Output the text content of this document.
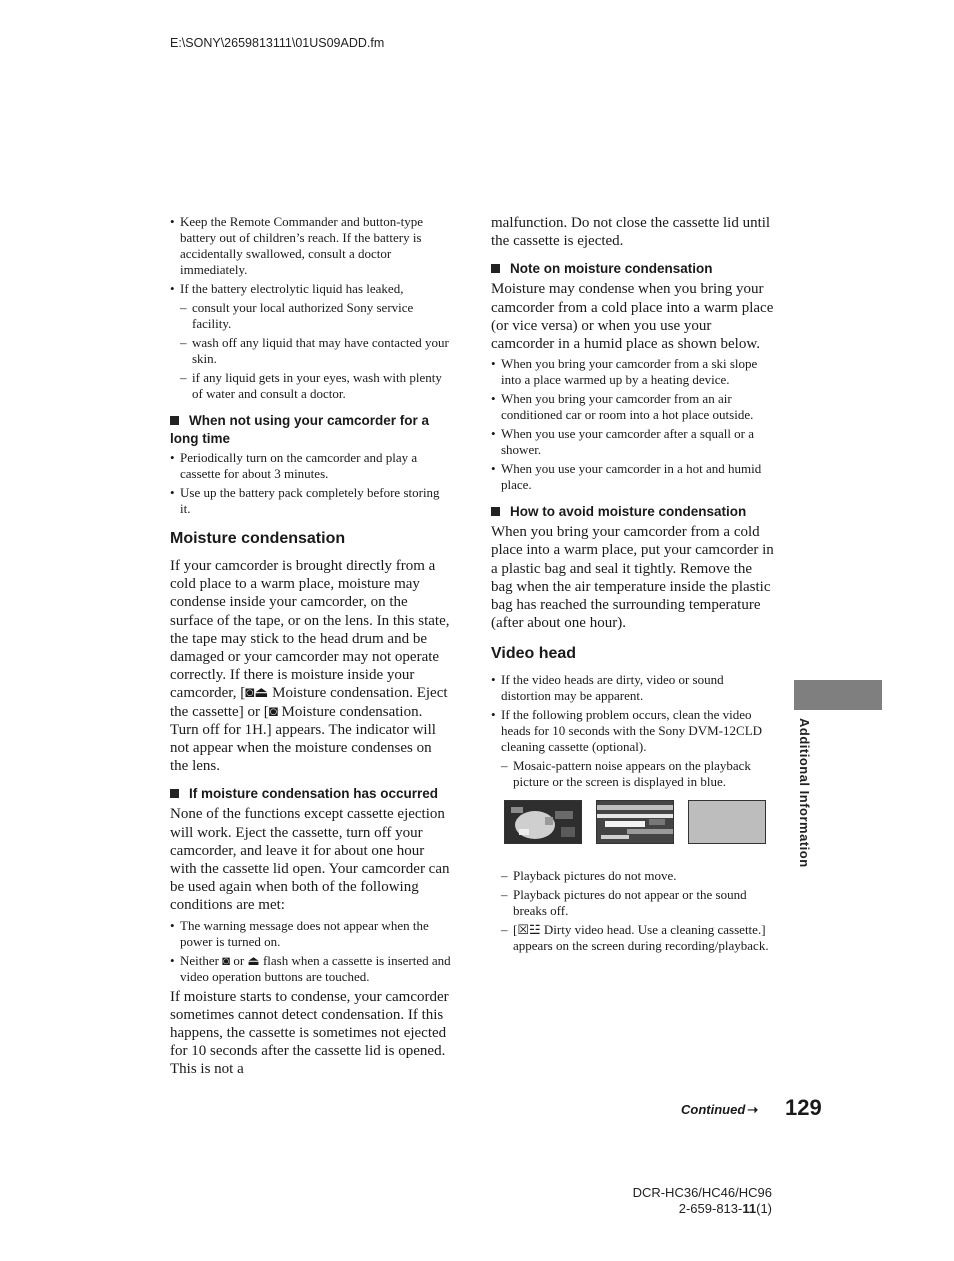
E:\SONY\2659813111\01US09ADD.fm
• Keep the Remote Commander and button-type battery out of children’s reach. If the battery is accidentally swallowed, consult a doctor immediately.
• If the battery electrolytic liquid has leaked,
– consult your local authorized Sony service facility.
– wash off any liquid that may have contacted your skin.
– if any liquid gets in your eyes, wash with plenty of water and consult a doctor.
When not using your camcorder for a long time
• Periodically turn on the camcorder and play a cassette for about 3 minutes.
• Use up the battery pack completely before storing it.
Moisture condensation

If your camcorder is brought directly from a cold place to a warm place, moisture may condense inside your camcorder, on the surface of the tape, or on the lens. In this state, the tape may stick to the head drum and be damaged or your camcorder may not operate correctly. If there is moisture inside your camcorder, [◙⏏ Moisture condensation. Eject the cassette] or [◙ Moisture condensation. Turn off for 1H.] appears. The indicator will not appear when the moisture condenses on the lens.

If moisture condensation has occurred

None of the functions except cassette ejection will work. Eject the cassette, turn off your camcorder, and leave it for about one hour with the cassette lid open. Your camcorder can be used again when both of the following conditions are met:

• The warning message does not appear when the power is turned on.
• Neither ◙ or ⏏ flash when a cassette is inserted and video operation buttons are touched.

If moisture starts to condense, your camcorder sometimes cannot detect condensation. If this happens, the cassette is sometimes not ejected for 10 seconds after the cassette lid is opened. This is not a

malfunction. Do not close the cassette lid until the cassette is ejected.

Note on moisture condensation

Moisture may condense when you bring your camcorder from a cold place into a warm place (or vice versa) or when you use your camcorder in a humid place as shown below.

• When you bring your camcorder from a ski slope into a place warmed up by a heating device.
• When you bring your camcorder from an air conditioned car or room into a hot place outside.
• When you use your camcorder after a squall or a shower.
• When you use your camcorder in a hot and humid place.
How to avoid moisture condensation

When you bring your camcorder from a cold place into a warm place, put your camcorder in a plastic bag and seal it tightly. Remove the bag when the air temperature inside the plastic bag has reached the surrounding temperature (after about one hour).

Video head
• If the video heads are dirty, video or sound distortion may be apparent.
• If the following problem occurs, clean the video heads for 10 seconds with the Sony DVM-12CLD cleaning cassette (optional).
– Mosaic-pattern noise appears on the playback picture or the screen is displayed in blue.
– Playback pictures do not move.
– Playback pictures do not appear or the sound breaks off.
– [☒☳ Dirty video head. Use a cleaning cassette.] appears on the screen during recording/playback.
Additional Information
Continued ➝ 129
DCR-HC36/HC46/HC96
2-659-813-11(1)
